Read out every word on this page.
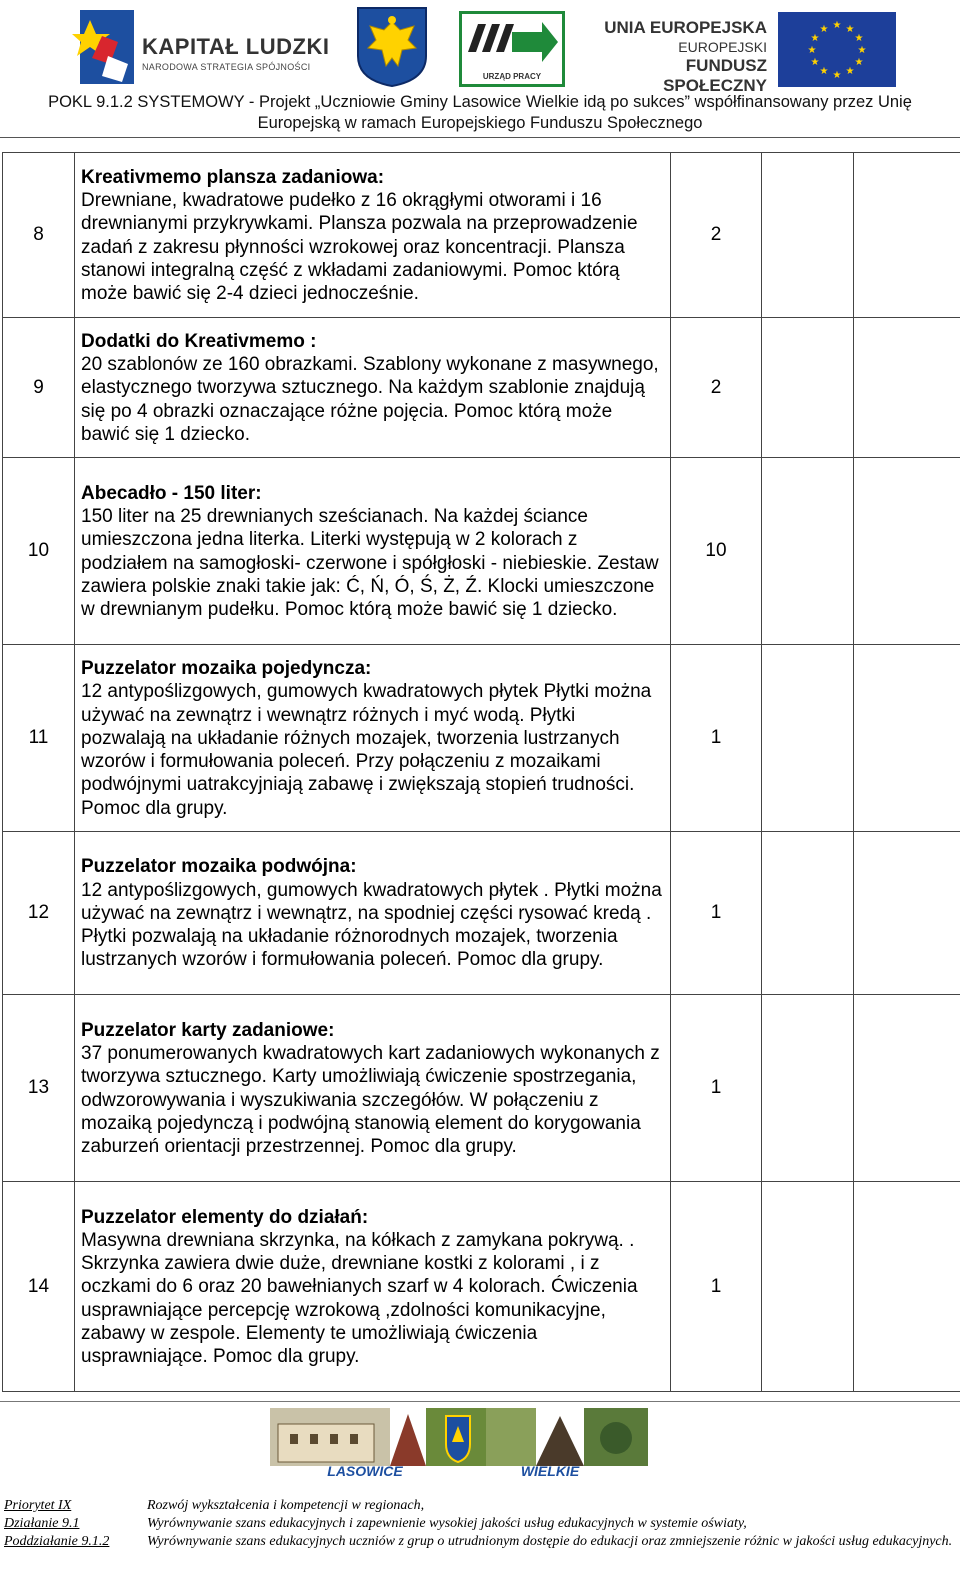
KAPITAŁ LUDZKI
NARODOWA STRATEGIA SPÓJNOŚCI
URZĄD PRACY
UNIA EUROPEJSKA
EUROPEJSKI
FUNDUSZ SPOŁECZNY
★ ★
★
★
★
★
★
★
★
★
★
★
POKL 9.1.2 SYSTEMOWY - Projekt „Uczniowie Gminy Lasowice Wielkie idą po sukces” współfinansowany przez Unię
Europejską w ramach Europejskiego Funduszu Społecznego
8	Kreativmemo plansza zadaniowa:
Drewniane, kwadratowe pudełko z 16 okrągłymi otworami i 16 drewnianymi przykrywkami. Plansza pozwala na przeprowadzenie zadań z zakresu płynności wzrokowej oraz koncentracji. Plansza stanowi integralną część z wkładami zadaniowymi. Pomoc którą może bawić się 2-4 dzieci jednocześnie.	2		
9	Dodatki do Kreativmemo :
20 szablonów ze 160 obrazkami. Szablony wykonane z masywnego, elastycznego tworzywa sztucznego. Na każdym szablonie znajdują się po 4 obrazki oznaczające różne pojęcia. Pomoc którą może bawić się 1 dziecko.	2		
10	Abecadło - 150 liter:
150 liter na 25 drewnianych sześcianach. Na każdej ściance umieszczona jedna literka. Literki występują w 2 kolorach z podziałem na samogłoski- czerwone i spółgłoski - niebieskie. Zestaw zawiera polskie znaki takie jak: Ć, Ń, Ó, Ś, Ż, Ź. Klocki umieszczone w drewnianym pudełku. Pomoc którą może bawić się 1 dziecko.	10		
11	Puzzelator mozaika pojedyncza:
12 antypoślizgowych, gumowych kwadratowych płytek Płytki można używać na zewnątrz i wewnątrz różnych i myć wodą. Płytki pozwalają na układanie różnych mozajek, tworzenia lustrzanych wzorów i formułowania poleceń. Przy połączeniu z mozaikami podwójnymi uatrakcyjniają zabawę i zwiększają stopień trudności. Pomoc dla grupy.	1		
12	Puzzelator mozaika podwójna:
12 antypoślizgowych, gumowych kwadratowych płytek . Płytki można używać na zewnątrz i wewnątrz, na spodniej części rysować kredą . Płytki pozwalają na układanie różnorodnych mozajek, tworzenia lustrzanych wzorów i formułowania poleceń. Pomoc dla grupy.	1		
13	Puzzelator karty zadaniowe:
37 ponumerowanych kwadratowych kart zadaniowych wykonanych z tworzywa sztucznego. Karty umożliwiają ćwiczenie spostrzegania, odwzorowywania i wyszukiwania szczegółów. W połączeniu z mozaiką pojedynczą i podwójną stanowią element do korygowania zaburzeń orientacji przestrzennej. Pomoc dla grupy.	1		
14	Puzzelator elementy do działań:
Masywna drewniana skrzynka, na kółkach z zamykana pokrywą. . Skrzynka zawiera dwie duże, drewniane kostki z kolorami , i z oczkami do 6 oraz 20 bawełnianych szarf w 4 kolorach. Ćwiczenia usprawniające percepcję wzrokową ,zdolności komunikacyjne, zabawy w zespole. Elementy te umożliwiają ćwiczenia usprawniające. Pomoc dla grupy.	1		
LASOWICE	WIELKIE
Priorytet IX
Działanie 9.1
Poddziałanie 9.1.2
Rozwój wykształcenia i kompetencji w regionach,
Wyrównywanie szans edukacyjnych i zapewnienie wysokiej jakości usług edukacyjnych w systemie oświaty,
Wyrównywanie szans edukacyjnych uczniów z grup o utrudnionym dostępie do edukacji oraz zmniejszenie różnic w jakości usług edukacyjnych.
